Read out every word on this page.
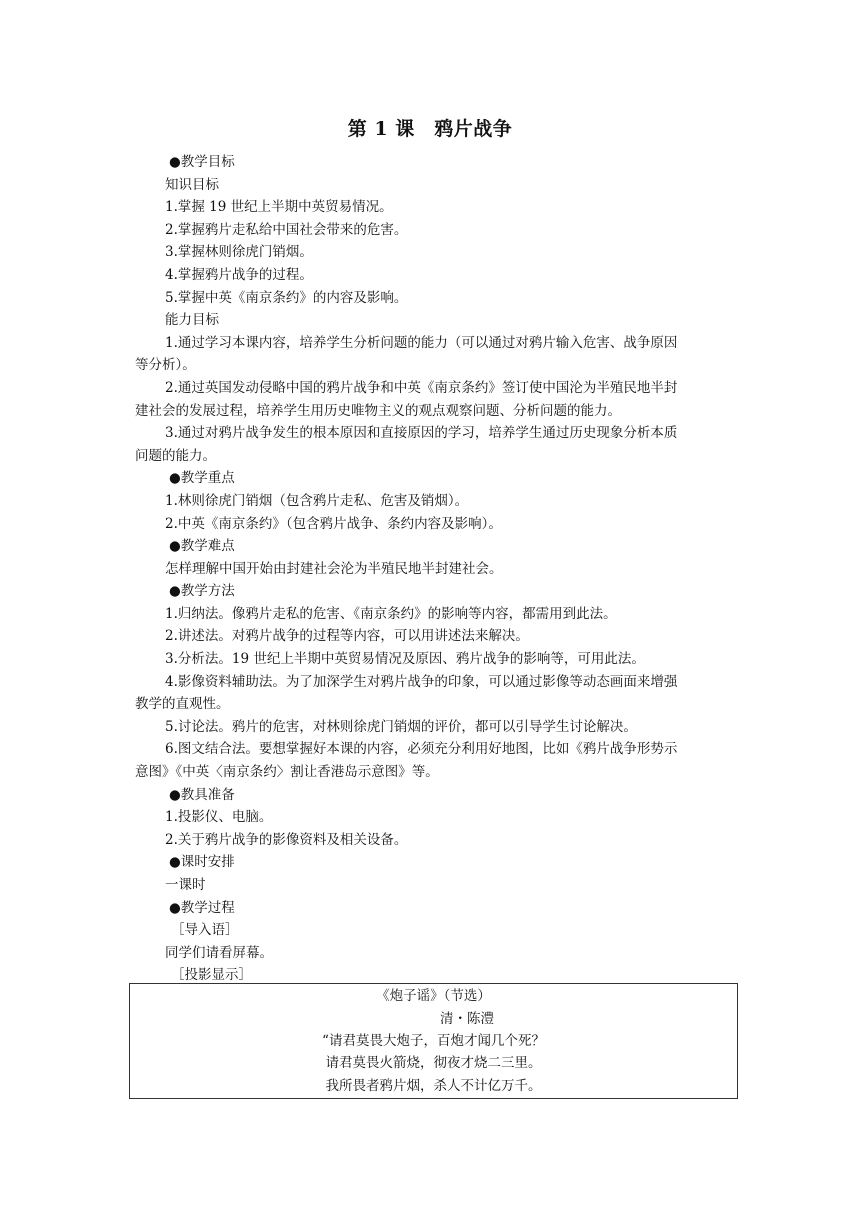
第 1 课　鸦片战争

●教学目标

知识目标

1.掌握 19 世纪上半期中英贸易情况。

2.掌握鸦片走私给中国社会带来的危害。

3.掌握林则徐虎门销烟。

4.掌握鸦片战争的过程。

5.掌握中英《南京条约》的内容及影响。

能力目标

1.通过学习本课内容，培养学生分析问题的能力（可以通过对鸦片输入危害、战争原因

等分析）。

2.通过英国发动侵略中国的鸦片战争和中英《南京条约》签订使中国沦为半殖民地半封

建社会的发展过程，培养学生用历史唯物主义的观点观察问题、分析问题的能力。

3.通过对鸦片战争发生的根本原因和直接原因的学习，培养学生通过历史现象分析本质

问题的能力。

●教学重点

1.林则徐虎门销烟（包含鸦片走私、危害及销烟）。

2.中英《南京条约》（包含鸦片战争、条约内容及影响）。

●教学难点

怎样理解中国开始由封建社会沦为半殖民地半封建社会。

●教学方法

1.归纳法。像鸦片走私的危害、《南京条约》的影响等内容，都需用到此法。

2.讲述法。对鸦片战争的过程等内容，可以用讲述法来解决。

3.分析法。19 世纪上半期中英贸易情况及原因、鸦片战争的影响等，可用此法。

4.影像资料辅助法。为了加深学生对鸦片战争的印象，可以通过影像等动态画面来增强

教学的直观性。

5.讨论法。鸦片的危害，对林则徐虎门销烟的评价，都可以引导学生讨论解决。

6.图文结合法。要想掌握好本课的内容，必须充分利用好地图，比如《鸦片战争形势示

意图》《中英〈南京条约〉割让香港岛示意图》等。

●教具准备

1.投影仪、电脑。

2.关于鸦片战争的影像资料及相关设备。

●课时安排

一课时

●教学过程

［导入语］

同学们请看屏幕。

［投影显示］

《炮子谣》（节选）

清・陈澧

“请君莫畏大炮子，百炮才闻几个死？

请君莫畏火箭烧，彻夜才烧二三里。

我所畏者鸦片烟，杀人不计亿万千。
